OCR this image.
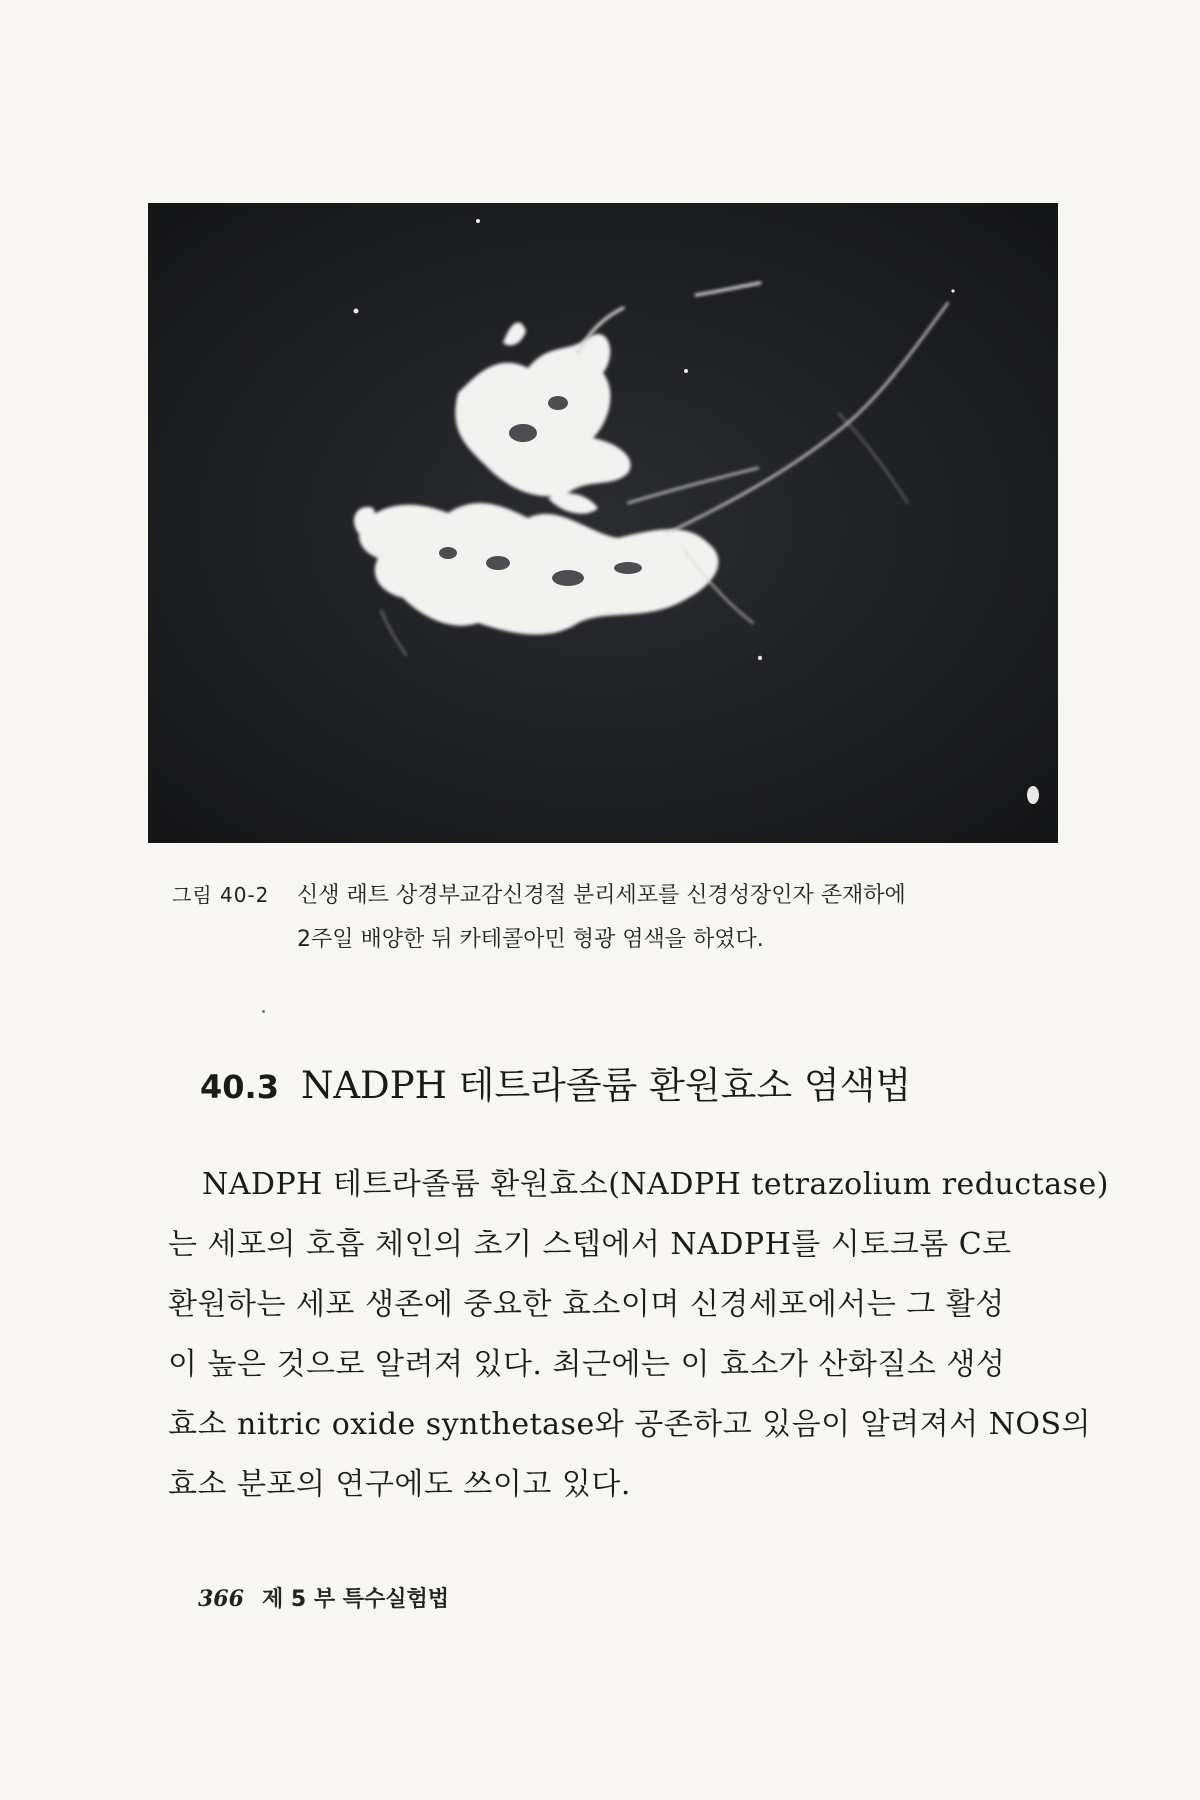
그림 40-2 신생 래트 상경부교감신경절 분리세포를 신경성장인자 존재하에
2주일 배양한 뒤 카테콜아민 형광 염색을 하였다.
40.3 NADPH 테트라졸륨 환원효소 염색법
NADPH 테트라졸륨 환원효소(NADPH tetrazolium reductase)
는 세포의 호흡 체인의 초기 스텝에서 NADPH를 시토크롬 C로
환원하는 세포 생존에 중요한 효소이며 신경세포에서는 그 활성
이 높은 것으로 알려져 있다. 최근에는 이 효소가 산화질소 생성
효소 nitric oxide synthetase와 공존하고 있음이 알려져서 NOS의
효소 분포의 연구에도 쓰이고 있다.
366 제 5 부 특수실험법
